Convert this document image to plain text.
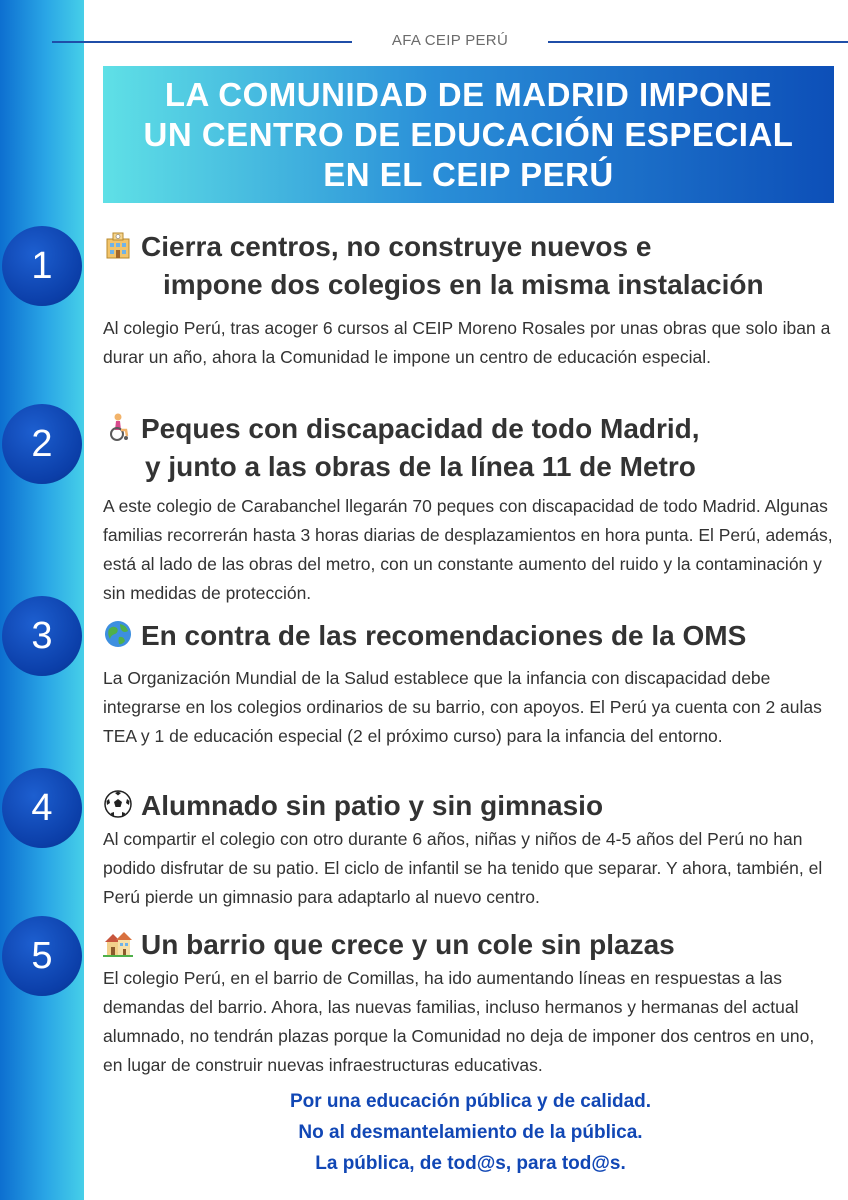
AFA CEIP PERÚ
LA COMUNIDAD DE MADRID IMPONE
UN CENTRO DE EDUCACIÓN ESPECIAL
EN EL CEIP PERÚ
1
2
3
4
5
Cierra centros, no construye nuevos e
impone dos colegios en la misma instalación

Al colegio Perú, tras acoger 6 cursos al CEIP Moreno Rosales por unas obras que solo iban a durar un año, ahora la Comunidad le impone un centro de educación especial.

Peques con discapacidad de todo Madrid,
y junto a las obras de la línea 11 de Metro

A este colegio de Carabanchel llegarán 70 peques con discapacidad de todo Madrid. Algunas familias recorrerán hasta 3 horas diarias de desplazamientos en hora punta. El Perú, además, está al lado de las obras del metro, con un constante aumento del ruido y la contaminación y sin medidas de protección.

En contra de las recomendaciones de la OMS

La Organización Mundial de la Salud establece que la infancia con discapacidad debe integrarse en los colegios ordinarios de su barrio, con apoyos. El Perú ya cuenta con 2 aulas TEA y 1 de educación especial (2 el próximo curso) para la infancia del entorno.

Alumnado sin patio y sin gimnasio

Al compartir el colegio con otro durante 6 años, niñas y niños de 4-5 años del Perú no han podido disfrutar de su patio. El ciclo de infantil se ha tenido que separar. Y ahora, también, el Perú pierde un gimnasio para adaptarlo al nuevo centro.

Un barrio que crece y un cole sin plazas

El colegio Perú, en el barrio de Comillas, ha ido aumentando líneas en respuestas a las demandas del barrio. Ahora, las nuevas familias, incluso hermanos y hermanas del actual alumnado, no tendrán plazas porque la Comunidad no deja de imponer dos centros en uno, en lugar de construir nuevas infraestructuras educativas.

Por una educación pública y de calidad.
No al desmantelamiento de la pública.
La pública, de tod@s, para tod@s.
